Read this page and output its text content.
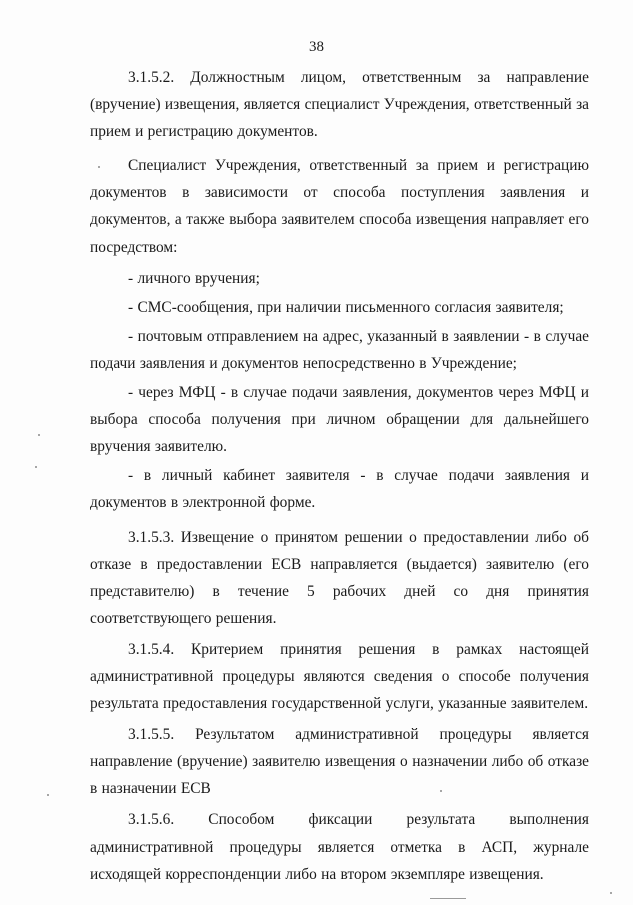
38

3.1.5.2. Должностным лицом, ответственным за направление (вручение) извещения, является специалист Учреждения, ответственный за прием и регистрацию документов.

Специалист Учреждения, ответственный за прием и регистрацию документов в зависимости от способа поступления заявления и документов, а также выбора заявителем способа извещения направляет его посредством:

- личного вручения;

- СМС-сообщения, при наличии письменного согласия заявителя;

- почтовым отправлением на адрес, указанный в заявлении - в случае подачи заявления и документов непосредственно в Учреждение;

- через МФЦ - в случае подачи заявления, документов через МФЦ и выбора способа получения при личном обращении для дальнейшего вручения заявителю.

- в личный кабинет заявителя - в случае подачи заявления и документов в электронной форме.

3.1.5.3. Извещение о принятом решении о предоставлении либо об отказе в предоставлении ЕСВ направляется (выдается) заявителю (его представителю) в течение 5 рабочих дней со дня принятия соответствующего решения.

3.1.5.4. Критерием принятия решения в рамках настоящей административной процедуры являются сведения о способе получения результата предоставления государственной услуги, указанные заявителем.

3.1.5.5. Результатом административной процедуры является направление (вручение) заявителю извещения о назначении либо об отказе в назначении ЕСВ

3.1.5.6. Способом фиксации результата выполнения административной процедуры является отметка в АСП, журнале исходящей корреспонденции либо на втором экземпляре извещения.
